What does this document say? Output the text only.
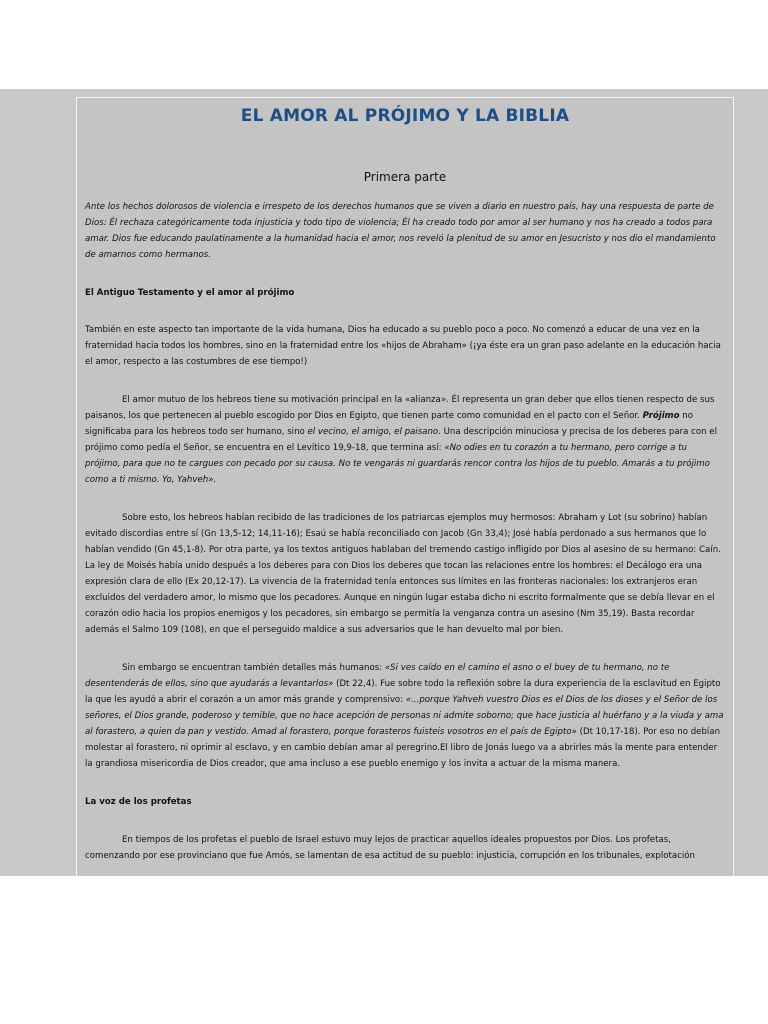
EL AMOR AL PRÓJIMO Y LA BIBLIA
Primera parte

Ante los hechos dolorosos de violencia e irrespeto de los derechos humanos que se viven a diario en nuestro país, hay una respuesta de parte de Dios: Él rechaza categóricamente toda injusticia y todo tipo de violencia; Él ha creado todo por amor al ser humano y nos ha creado a todos para amar. Dios fue educando paulatinamente a la humanidad hacia el amor, nos reveló la plenitud de su amor en Jesucristo y nos dio el mandamiento de amarnos como hermanos.

El Antiguo Testamento y el amor al prójimo

También en este aspecto tan importante de la vida humana, Dios ha educado a su pueblo poco a poco. No comenzó a educar de una vez en la fraternidad hacia todos los hombres, sino en la fraternidad entre los «hijos de Abraham» (¡ya éste era un gran paso adelante en la educación hacia el amor, respecto a las costumbres de ese tiempo!)

El amor mutuo de los hebreos tiene su motivación principal en la «alianza». Él representa un gran deber que ellos tienen respecto de sus paisanos, los que pertenecen al pueblo escogido por Dios en Egipto, que tienen parte como comunidad en el pacto con el Señor. Prójimo no significaba para los hebreos todo ser humano, sino el vecino, el amigo, el paisano. Una descripción minuciosa y precisa de los deberes para con el prójimo como pedía el Señor, se encuentra en el Levítico 19,9-18, que termina así: «No odies en tu corazón a tu hermano, pero corrige a tu prójimo, para que no te cargues con pecado por su causa. No te vengarás ni guardarás rencor contra los hijos de tu pueblo. Amarás a tu prójimo como a ti mismo. Yo, Yahveh».

Sobre esto, los hebreos habían recibido de las tradiciones de los patriarcas ejemplos muy hermosos: Abraham y Lot (su sobrino) habían evitado discordias entre sí (Gn 13,5-12; 14,11-16); Esaú se había reconciliado con Jacob (Gn 33,4); José había perdonado a sus hermanos que lo habían vendido (Gn 45,1-8). Por otra parte, ya los textos antiguos hablaban del tremendo castigo infligido por Dios al asesino de su hermano: Caín. La ley de Moisés había unido después a los deberes para con Dios los deberes que tocan las relaciones entre los hombres: el Decálogo era una expresión clara de ello (Ex 20,12-17). La vivencia de la fraternidad tenía entonces sus límites en las fronteras nacionales: los extranjeros eran excluidos del verdadero amor, lo mismo que los pecadores. Aunque en ningún lugar estaba dicho ni escrito formalmente que se debía llevar en el corazón odio hacia los propios enemigos y los pecadores, sin embargo se permitía la venganza contra un asesino (Nm 35,19). Basta recordar además el Salmo 109 (108), en que el perseguido maldice a sus adversarios que le han devuelto mal por bien.

Sin embargo se encuentran también detalles más humanos: «Si ves caído en el camino el asno o el buey de tu hermano, no te desentenderás de ellos, sino que ayudarás a levantarlos» (Dt 22,4). Fue sobre todo la reflexión sobre la dura experiencia de la esclavitud en Egipto la que les ayudó a abrir el corazón a un amor más grande y comprensivo: «...porque Yahveh vuestro Dios es el Dios de los dioses y el Señor de los señores, el Dios grande, poderoso y temible, que no hace acepción de personas ni admite soborno; que hace justicia al huérfano y a la viuda y ama al forastero, a quien da pan y vestido. Amad al forastero, porque forasteros fuisteis vosotros en el país de Egipto» (Dt 10,17-18). Por eso no debían molestar al forastero, ni oprimir al esclavo, y en cambio debían amar al peregrino.El libro de Jonás luego va a abrirles más la mente para entender la grandiosa misericordia de Dios creador, que ama incluso a ese pueblo enemigo y los invita a actuar de la misma manera.

La voz de los profetas

En tiempos de los profetas el pueblo de Israel estuvo muy lejos de practicar aquellos ideales propuestos por Dios. Los profetas, comenzando por ese provinciano que fue Amós, se lamentan de esa actitud de su pueblo: injusticia, corrupción en los tribunales, explotación
